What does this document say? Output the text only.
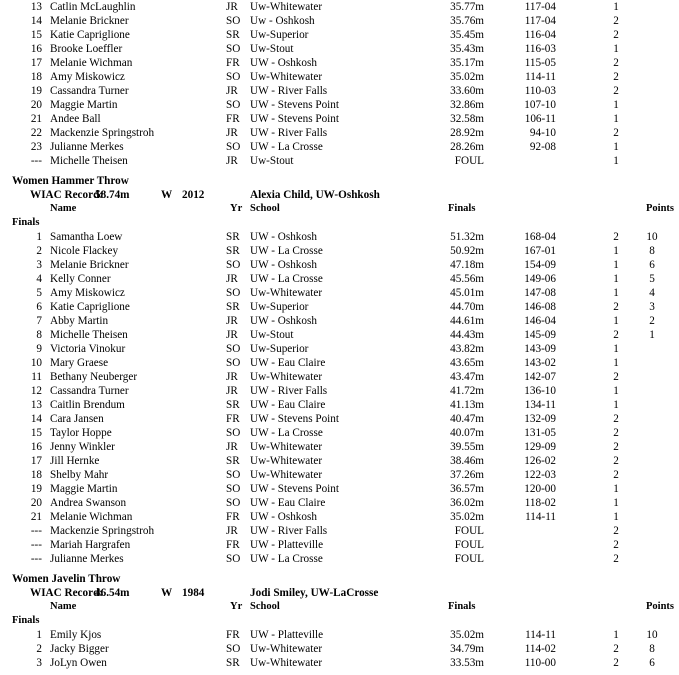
13 Catlin McLaughlin	JR Uw-Whitewater	35.77m	117-04	1
14 Melanie Brickner	SO Uw - Oshkosh	35.76m	117-04	2
15 Katie Capriglione	SR Uw-Superior	35.45m	116-04	2
16 Brooke Loeffler	SO Uw-Stout	35.43m	116-03	1
17 Melanie Wichman	FR UW - Oshkosh	35.17m	115-05	2
18 Amy Miskowicz	SO Uw-Whitewater	35.02m	114-11	2
19 Cassandra Turner	JR UW - River Falls	33.60m	110-03	2
20 Maggie Martin	SO UW - Stevens Point	32.86m	107-10	1
21 Andee Ball	FR UW - Stevens Point	32.58m	106-11	1
22 Mackenzie Springstroh	JR UW - River Falls	28.92m	94-10	2
23 Julianne Merkes	SO UW - La Crosse	28.26m	92-08	1
--- Michelle Theisen	JR Uw-Stout	FOUL	1
Women Hammer Throw
WIAC Record:
58.74m	W 2012	Alexia Child, UW-Oshkosh
Name	Yr School	Finals	Points
Finals
1 Samantha Loew	SR UW - Oshkosh	51.32m	168-04	2	10
2 Nicole Flackey	SR UW - La Crosse	50.92m	167-01	1	8
3 Melanie Brickner	SO UW - Oshkosh	47.18m	154-09	1	6
4 Kelly Conner	JR UW - La Crosse	45.56m	149-06	1	5
5 Amy Miskowicz	SO Uw-Whitewater	45.01m	147-08	1	4
6 Katie Capriglione	SR Uw-Superior	44.70m	146-08	2	3
7 Abby Martin	JR UW - Oshkosh	44.61m	146-04	1	2
8 Michelle Theisen	JR Uw-Stout	44.43m	145-09	2	1
9 Victoria Vinokur	SO Uw-Superior	43.82m	143-09	1
10 Mary Graese	SO UW - Eau Claire	43.65m	143-02	1
11 Bethany Neuberger	JR Uw-Whitewater	43.47m	142-07	2
12 Cassandra Turner	JR UW - River Falls	41.72m	136-10	1
13 Caitlin Brendum	SR UW - Eau Claire	41.13m	134-11	1
14 Cara Jansen	FR UW - Stevens Point	40.47m	132-09	2
15 Taylor Hoppe	SO UW - La Crosse	40.07m	131-05	2
16 Jenny Winkler	JR Uw-Whitewater	39.55m	129-09	2
17 Jill Hernke	SR Uw-Whitewater	38.46m	126-02	2
18 Shelby Mahr	SO Uw-Whitewater	37.26m	122-03	2
19 Maggie Martin	SO UW - Stevens Point	36.57m	120-00	1
20 Andrea Swanson	SO UW - Eau Claire	36.02m	118-02	1
21 Melanie Wichman	FR UW - Oshkosh	35.02m	114-11	1
--- Mackenzie Springstroh	JR UW - River Falls	FOUL	2
--- Mariah Hargrafen	FR UW - Platteville	FOUL	2
--- Julianne Merkes	SO UW - La Crosse	FOUL	2
Women Javelin Throw
WIAC Record:
46.54m	W 1984	Jodi Smiley, UW-LaCrosse
Name	Yr School	Finals	Points
Finals
1 Emily Kjos	FR UW - Platteville	35.02m	114-11	1	10
2 Jacky Bigger	SO Uw-Whitewater	34.79m	114-02	2	8
3 JoLyn Owen	SR Uw-Whitewater	33.53m	110-00	2	6
